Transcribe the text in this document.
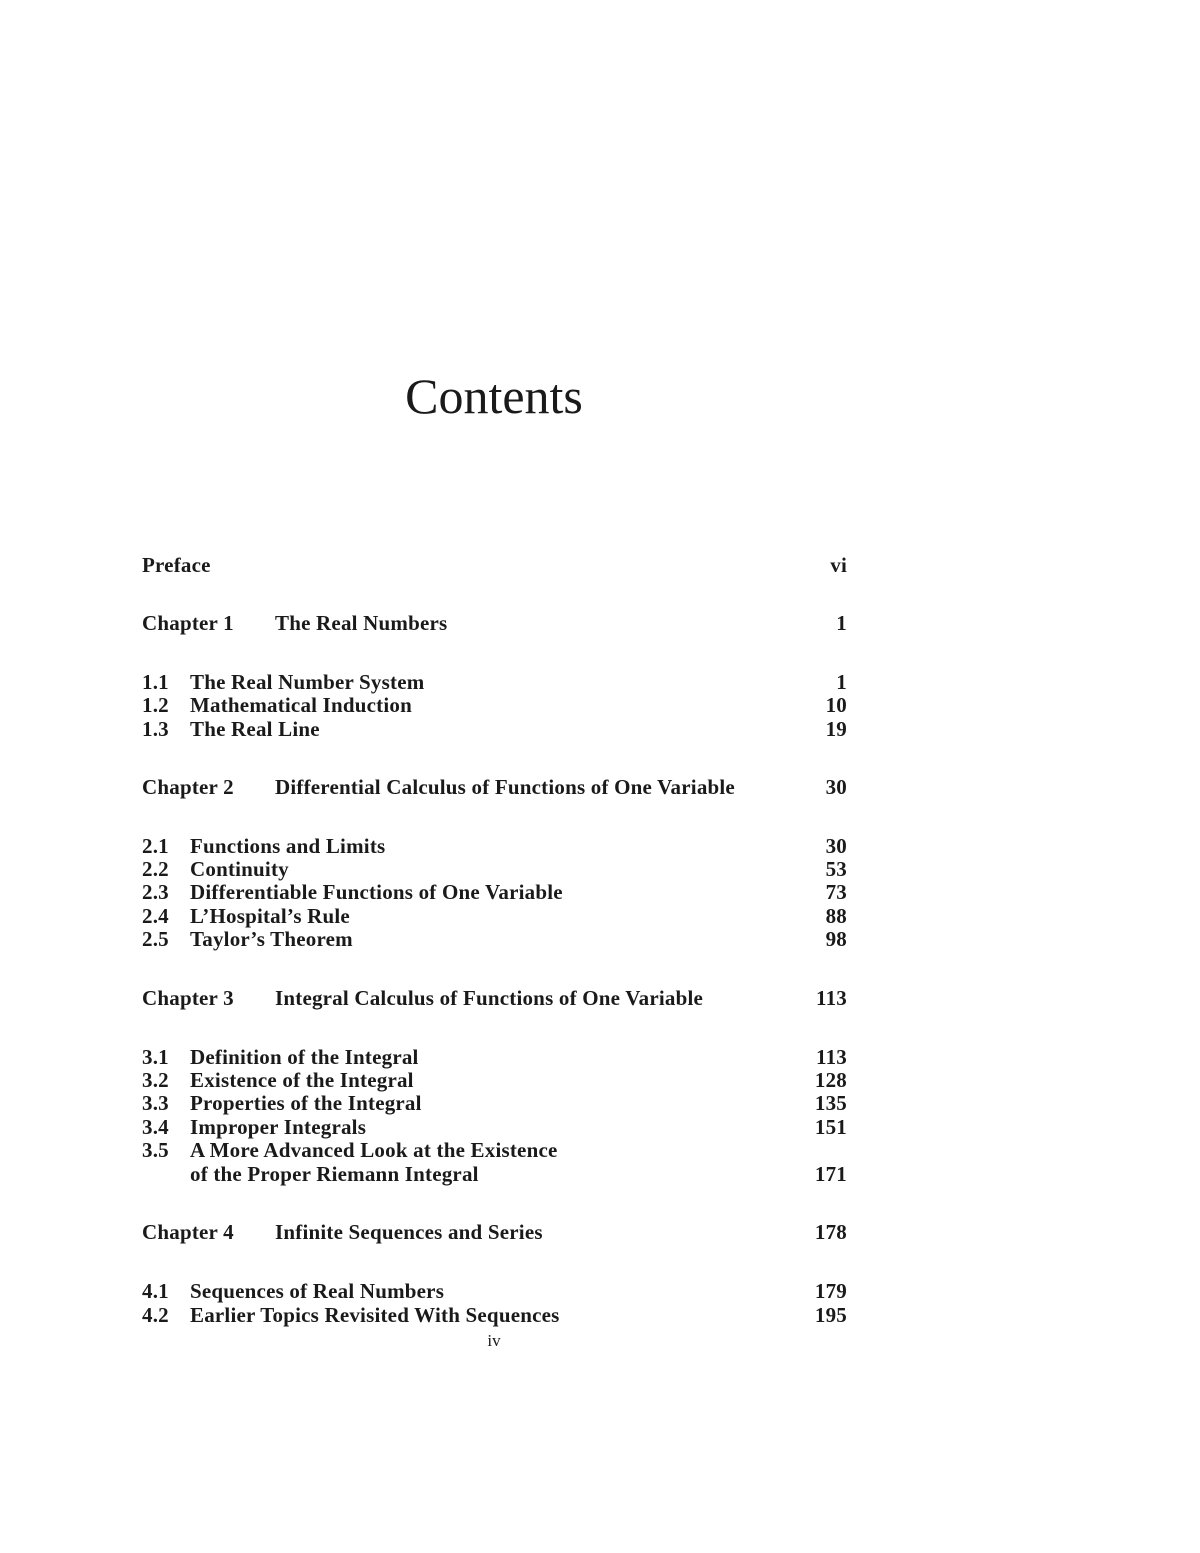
Contents
Preface	vi
Chapter 1 The Real Numbers	1
1.1 The Real Number System	1
1.2 Mathematical Induction	10
1.3 The Real Line	19
Chapter 2 Differential Calculus of Functions of One Variable	30
2.1 Functions and Limits	30
2.2 Continuity	53
2.3 Differentiable Functions of One Variable	73
2.4 L’Hospital’s Rule	88
2.5 Taylor’s Theorem	98
Chapter 3 Integral Calculus of Functions of One Variable	113
3.1 Definition of the Integral	113
3.2 Existence of the Integral	128
3.3 Properties of the Integral	135
3.4 Improper Integrals	151
3.5 A More Advanced Look at the Existence
of the Proper Riemann Integral	171
Chapter 4 Infinite Sequences and Series	178
4.1 Sequences of Real Numbers	179
4.2 Earlier Topics Revisited With Sequences	195
iv
